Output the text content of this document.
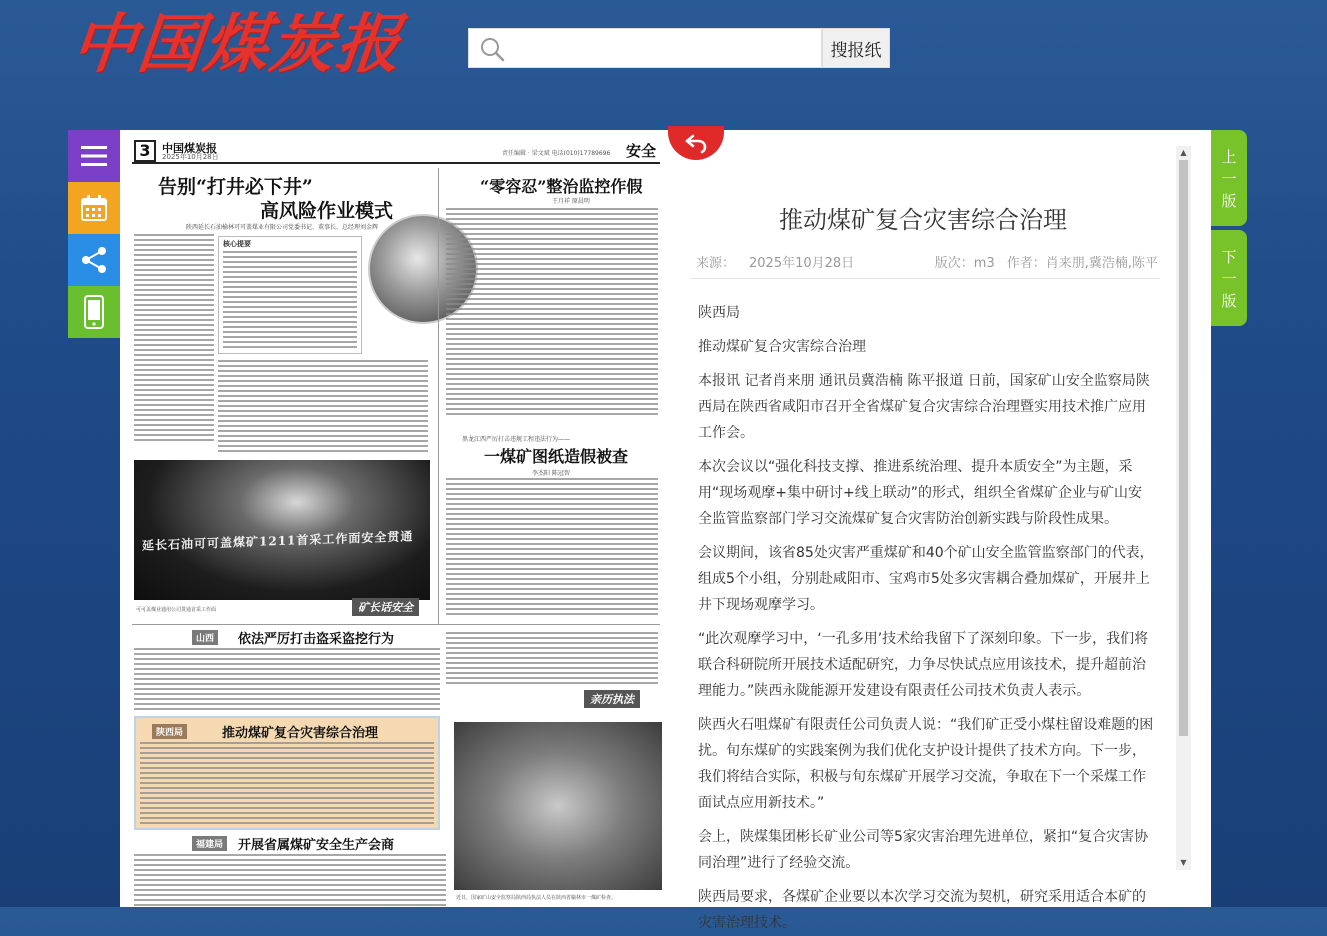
中国煤炭报	搜报纸
3	中国煤炭报
2025年10月28日	责任编辑 · 梁文斌 电话(010)17789696 安全
告别“打井必下井”
高风险作业模式
陕西延长石油榆林可可盖煤业有限公司党委书记、董事长、总经理刘金辉
核心提要
延长石油可可盖煤矿1211首采工作面安全贯通
可可盖煤业通用公司贯通首采工作面	矿长话安全
“零容忍”整治监控作假
王月祥 原晨明
黑龙江西严厉打击违规工程违法行为——
一煤矿图纸造假被查
李杰阳 陈冠智
山西	依法严厉打击盗采盗挖行为
亲历执法
陕西局	推动煤矿复合灾害综合治理
福建局	开展省属煤矿安全生产会商
近日，国家矿山安全监察局陕西局执法人员在陕西省榆林市一煤矿检查。
推动煤矿复合灾害综合治理
来源： 2025年10月28日	版次：m3 作者：肖来朋,冀浩楠,陈平

陕西局

推动煤矿复合灾害综合治理

本报讯 记者肖来朋 通讯员冀浩楠 陈平报道 日前，国家矿山安全监察局陕西局在陕西省咸阳市召开全省煤矿复合灾害综合治理暨实用技术推广应用工作会。

本次会议以“强化科技支撑、推进系统治理、提升本质安全”为主题，采用“现场观摩+集中研讨+线上联动”的形式，组织全省煤矿企业与矿山安全监管监察部门学习交流煤矿复合灾害防治创新实践与阶段性成果。

会议期间，该省85处灾害严重煤矿和40个矿山安全监管监察部门的代表，组成5个小组，分别赴咸阳市、宝鸡市5处多灾害耦合叠加煤矿，开展井上井下现场观摩学习。

“此次观摩学习中，‘一孔多用’技术给我留下了深刻印象。下一步，我们将联合科研院所开展技术适配研究，力争尽快试点应用该技术，提升超前治理能力。”陕西永陇能源开发建设有限责任公司技术负责人表示。

陕西火石咀煤矿有限责任公司负责人说：“我们矿正受小煤柱留设难题的困扰。旬东煤矿的实践案例为我们优化支护设计提供了技术方向。下一步，我们将结合实际，积极与旬东煤矿开展学习交流，争取在下一个采煤工作面试点应用新技术。”

会上，陕煤集团彬长矿业公司等5家灾害治理先进单位，紧扣“复合灾害协同治理”进行了经验交流。

陕西局要求，各煤矿企业要以本次学习交流为契机，研究采用适合本矿的灾害治理技术。

▲
▼
上
一
版
下
一
版
